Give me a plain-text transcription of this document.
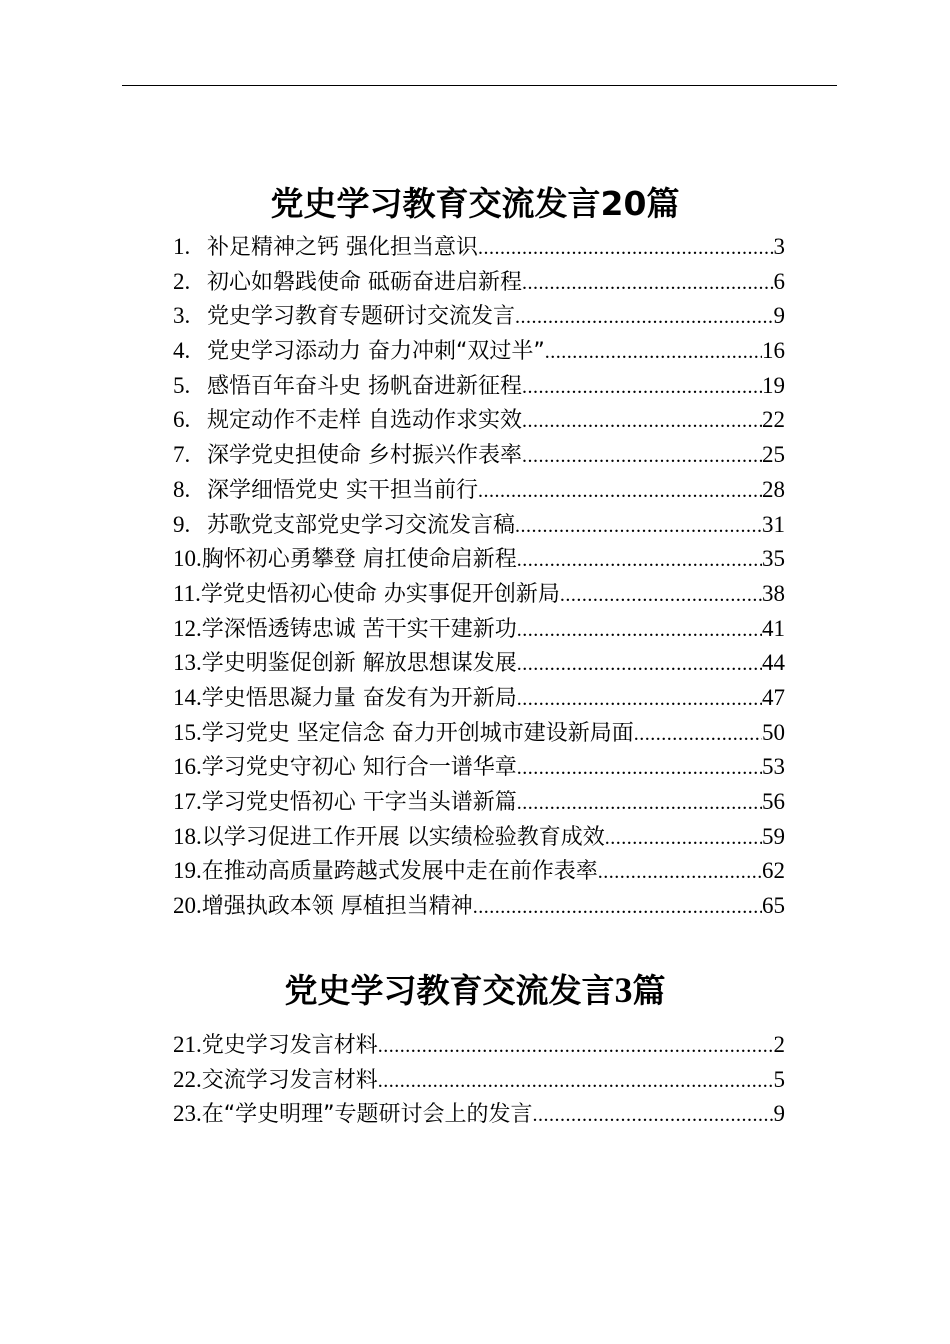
党史学习教育交流发言20篇
1. 补足精神之钙 强化担当意识 .....	3
2. 初心如磐践使命 砥砺奋进启新程 .....	6
3. 党史学习教育专题研讨交流发言 .....	9
4. 党史学习添动力 奋力冲刺“双过半” .....	16
5. 感悟百年奋斗史 扬帆奋进新征程 .....	19
6. 规定动作不走样 自选动作求实效 .....	22
7. 深学党史担使命 乡村振兴作表率 .....	25
8. 深学细悟党史 实干担当前行 .....	28
9. 苏歌党支部党史学习交流发言稿 .....	31
10. 胸怀初心勇攀登 肩扛使命启新程 .....	35
11. 学党史悟初心使命 办实事促开创新局 .....	38
12. 学深悟透铸忠诚 苦干实干建新功 .....	41
13. 学史明鉴促创新 解放思想谋发展 .....	44
14. 学史悟思凝力量 奋发有为开新局 .....	47
15. 学习党史 坚定信念 奋力开创城市建设新局面 .....	50
16. 学习党史守初心 知行合一谱华章 .....	53
17. 学习党史悟初心 干字当头谱新篇 .....	56
18. 以学习促进工作开展 以实绩检验教育成效 .....	59
19. 在推动高质量跨越式发展中走在前作表率 .....	62
20. 增强执政本领 厚植担当精神 .....	65
党史学习教育交流发言3篇
21. 党史学习发言材料 .....	2
22. 交流学习发言材料 .....	5
23. 在“学史明理”专题研讨会上的发言 .....	9
